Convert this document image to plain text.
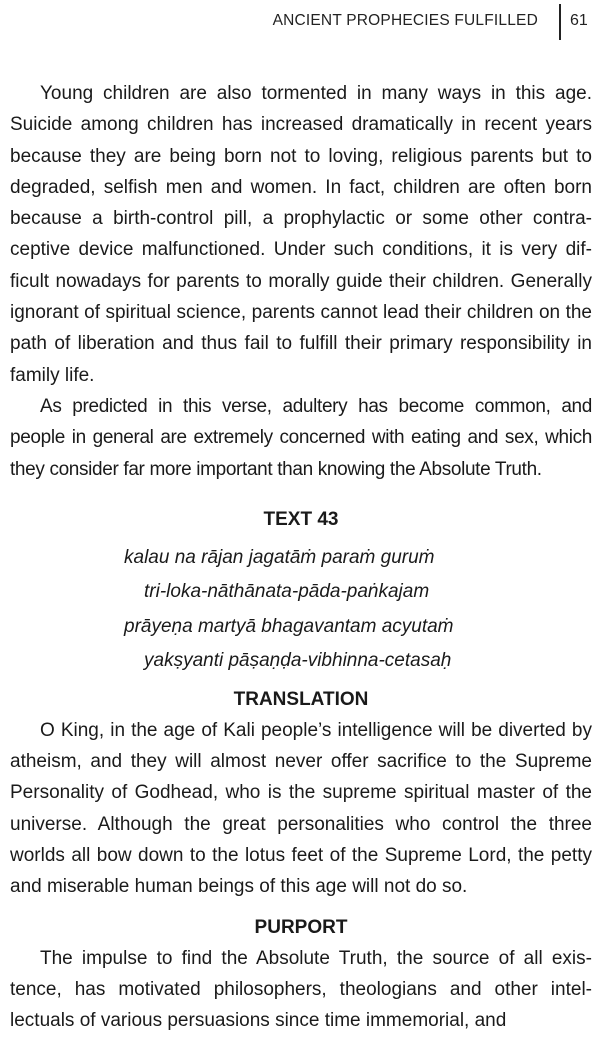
ANCIENT PROPHECIES FULFILLED 61

Young children are also tormented in many ways in this age. Suicide among children has increased dramatically in recent years because they are being born not to loving, religious parents but to degraded, selfish men and women. In fact, children are often born because a birth-control pill, a prophylactic or some other contraceptive device malfunctioned. Under such conditions, it is very difficult nowadays for parents to morally guide their children. Generally ignorant of spiritual science, parents cannot lead their children on the path of liberation and thus fail to fulfill their primary responsibility in family life.

As predicted in this verse, adultery has become common, and people in general are extremely concerned with eating and sex, which they consider far more important than knowing the Absolute Truth.

TEXT 43
kalau na rājan jagatāṁ paraṁ guruṁ
tri-loka-nāthānata-pāda-paṅkajam
prāyeṇa martyā bhagavantam acyutaṁ
yakṣyanti pāṣaṇḍa-vibhinna-cetasaḥ
TRANSLATION

O King, in the age of Kali people’s intelligence will be diverted by atheism, and they will almost never offer sacrifice to the Supreme Personality of Godhead, who is the supreme spiritual master of the universe. Although the great personalities who control the three worlds all bow down to the lotus feet of the Supreme Lord, the petty and miserable human beings of this age will not do so.

PURPORT

The impulse to find the Absolute Truth, the source of all existence, has motivated philosophers, theologians and other intellectuals of various persuasions since time immemorial, and
